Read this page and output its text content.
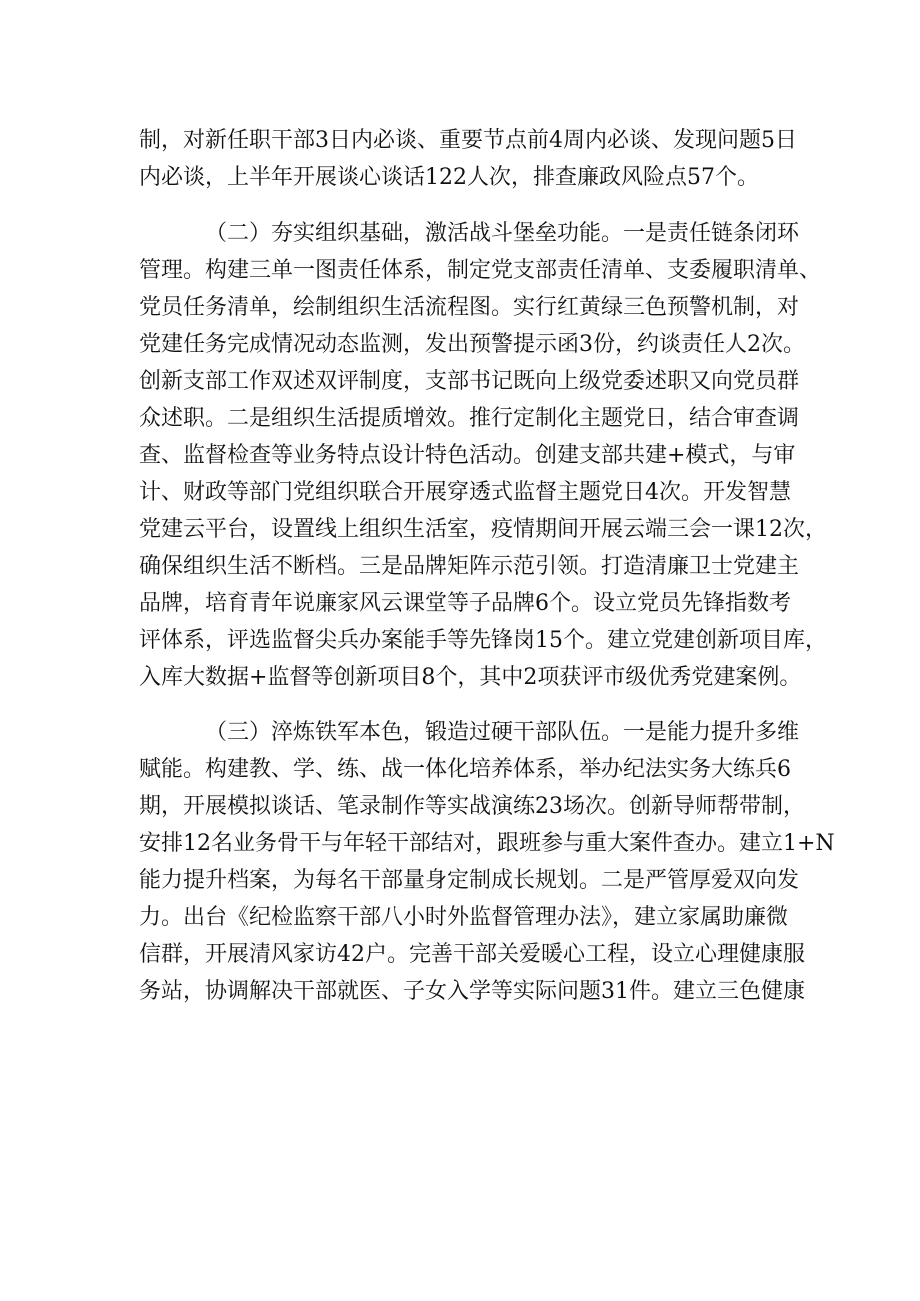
制，对新任职干部3日内必谈、重要节点前4周内必谈、发现问题5日
内必谈，上半年开展谈心谈话122人次，排查廉政风险点57个。
（二）夯实组织基础，激活战斗堡垒功能。一是责任链条闭环
管理。构建三单一图责任体系，制定党支部责任清单、支委履职清单、
党员任务清单，绘制组织生活流程图。实行红黄绿三色预警机制，对
党建任务完成情况动态监测，发出预警提示函3份，约谈责任人2次。
创新支部工作双述双评制度，支部书记既向上级党委述职又向党员群
众述职。二是组织生活提质增效。推行定制化主题党日，结合审查调
查、监督检查等业务特点设计特色活动。创建支部共建+模式，与审
计、财政等部门党组织联合开展穿透式监督主题党日4次。开发智慧
党建云平台，设置线上组织生活室，疫情期间开展云端三会一课12次，
确保组织生活不断档。三是品牌矩阵示范引领。打造清廉卫士党建主
品牌，培育青年说廉家风云课堂等子品牌6个。设立党员先锋指数考
评体系，评选监督尖兵办案能手等先锋岗15个。建立党建创新项目库，
入库大数据+监督等创新项目8个，其中2项获评市级优秀党建案例。
（三）淬炼铁军本色，锻造过硬干部队伍。一是能力提升多维
赋能。构建教、学、练、战一体化培养体系，举办纪法实务大练兵6
期，开展模拟谈话、笔录制作等实战演练23场次。创新导师帮带制，
安排12名业务骨干与年轻干部结对，跟班参与重大案件查办。建立1+N
能力提升档案，为每名干部量身定制成长规划。二是严管厚爱双向发
力。出台《纪检监察干部八小时外监督管理办法》，建立家属助廉微
信群，开展清风家访42户。完善干部关爱暖心工程，设立心理健康服
务站，协调解决干部就医、子女入学等实际问题31件。建立三色健康
